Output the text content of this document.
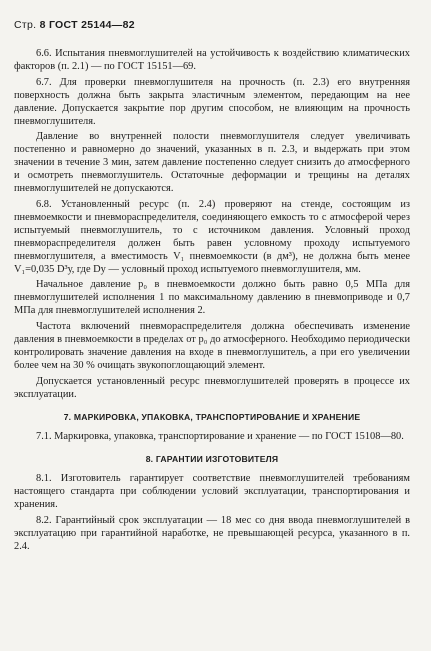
Стр. 8 ГОСТ 25144—82

6.6. Испытания пневмоглушителей на устойчивость к воздействию климатических факторов (п. 2.1) — по ГОСТ 15151—69.

6.7. Для проверки пневмоглушителя на прочность (п. 2.3) его внутренняя поверхность должна быть закрыта эластичным элементом, передающим на нее давление. Допускается закрытие пор другим способом, не влияющим на прочность пневмоглушителя.

Давление во внутренней полости пневмоглушителя следует увеличивать постепенно и равномерно до значений, указанных в п. 2.3, и выдержать при этом значении в течение 3 мин, затем давление постепенно следует снизить до атмосферного и осмотреть пневмоглушитель. Остаточные деформации и трещины на деталях пневмоглушителей не допускаются.

6.8. Установленный ресурс (п. 2.4) проверяют на стенде, состоящим из пневмоемкости и пневмораспределителя, соединяющего емкость то с атмосферой через испытуемый пневмоглушитель, то с источником давления. Условный проход пневмораспределителя должен быть равен условному проходу испытуемого пневмоглушителя, а вместимость V₁ пневмоемкости (в дм³), не должна быть менее V₁=0,035 D³у, где Dу — условный проход испытуемого пневмоглушителя, мм.

Начальное давление p₀ в пневмоемкости должно быть равно 0,5 МПа для пневмоглушителей исполнения 1 по максимальному давлению в пневмоприводе и 0,7 МПа для пневмоглушителей исполнения 2.

Частота включений пневмораспределителя должна обеспечивать изменение давления в пневмоемкости в пределах от p₀ до атмосферного. Необходимо периодически контролировать значение давления на входе в пневмоглушитель, а при его увеличении более чем на 30 % очищать звукопоглощающий элемент.

Допускается установленный ресурс пневмоглушителей проверять в процессе их эксплуатации.

7. МАРКИРОВКА, УПАКОВКА, ТРАНСПОРТИРОВАНИЕ И ХРАНЕНИЕ

7.1. Маркировка, упаковка, транспортирование и хранение — по ГОСТ 15108—80.

8. ГАРАНТИИ ИЗГОТОВИТЕЛЯ

8.1. Изготовитель гарантирует соответствие пневмоглушителей требованиям настоящего стандарта при соблюдении условий эксплуатации, транспортирования и хранения.

8.2. Гарантийный срок эксплуатации — 18 мес со дня ввода пневмоглушителей в эксплуатацию при гарантийной наработке, не превышающей ресурса, указанного в п. 2.4.
